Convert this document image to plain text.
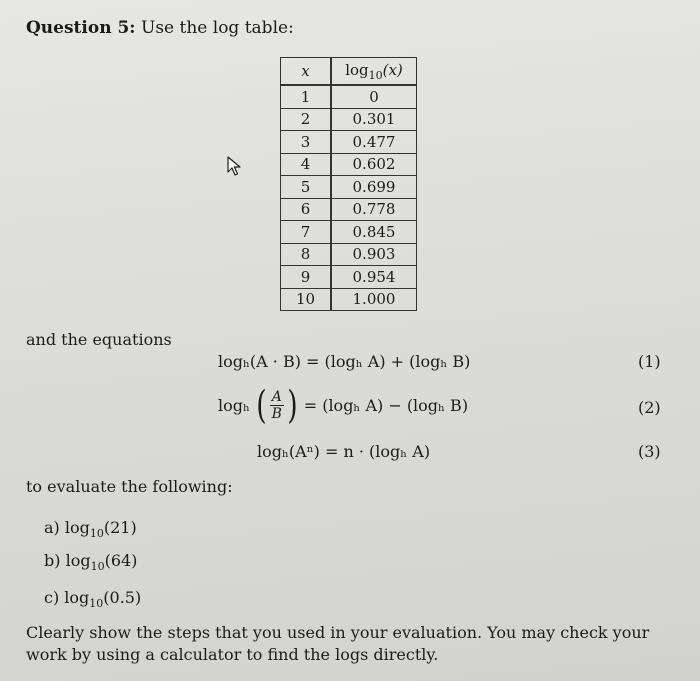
Question 5: Use the log table:
x	$\log_{10}(x)$
1	0
2	0.301
3	0.477
4	0.602
5	0.699
6	0.778
7	0.845
8	0.903
9	0.954
10	1.000
and the equations
logₕ(A · B) = (logₕ A) + (logₕ B)	(1)
logₕ ( $\frac{A}{B}$ ) = (logₕ A) − (logₕ B)	(2)
logₕ(Aⁿ) = n · (logₕ A)	(3)
to evaluate the following:
a) $\log_{10}(21)$
b) $\log_{10}(64)$
c) $\log_{10}(0.5)$
Clearly show the steps that you used in your evaluation. You may check your work by using a calculator to find the logs directly.
